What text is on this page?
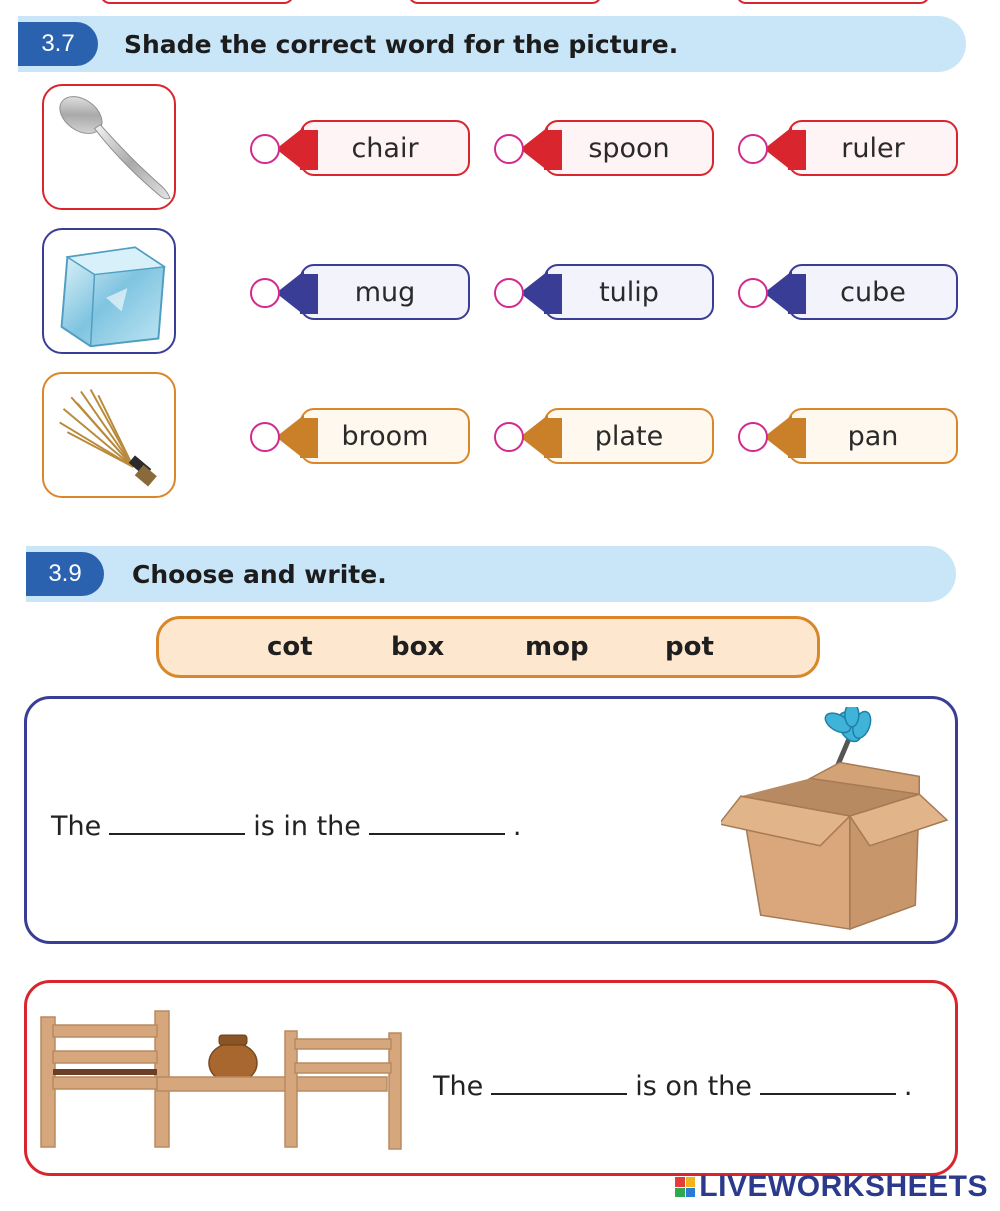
3.7	Shade the correct word for the picture.
chair	spoon	ruler
mug	tulip	cube
broom	plate	pan
3.9	Choose and write.
cot	box	mop	pot
The	is in the	.
The	is on the	.
LIVEWORKSHEETS
